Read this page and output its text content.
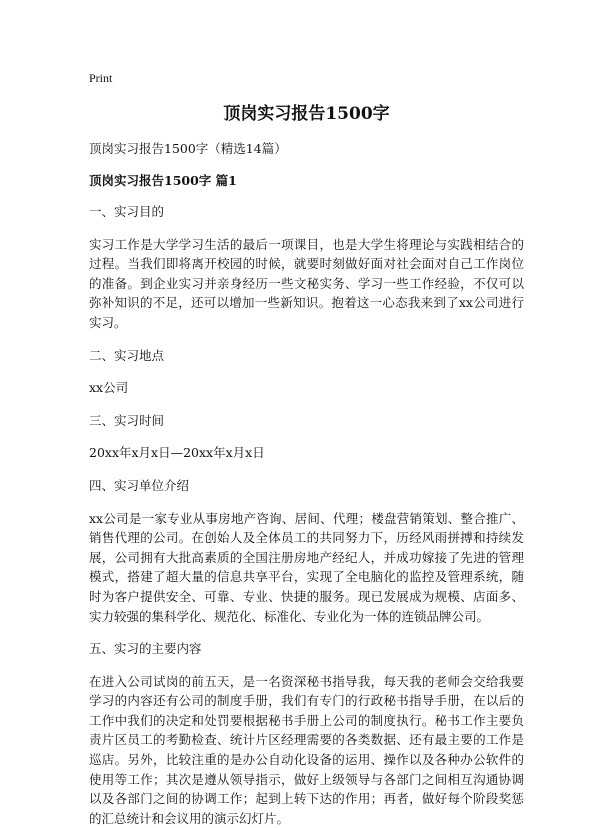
Print
顶岗实习报告1500字
顶岗实习报告1500字（精选14篇）
顶岗实习报告1500字 篇1
一、实习目的
实习工作是大学学习生活的最后一项课目，也是大学生将理论与实践相结合的过程。当我们即将离开校园的时候，就要时刻做好面对社会面对自己工作岗位的准备。到企业实习并亲身经历一些文秘实务、学习一些工作经验，不仅可以弥补知识的不足，还可以增加一些新知识。抱着这一心态我来到了xx公司进行实习。
二、实习地点
xx公司
三、实习时间
20xx年x月x日—20xx年x月x日
四、实习单位介绍
xx公司是一家专业从事房地产咨询、居间、代理；楼盘营销策划、整合推广、销售代理的公司。在创始人及全体员工的共同努力下，历经风雨拼搏和持续发展，公司拥有大批高素质的全国注册房地产经纪人，并成功嫁接了先进的管理模式，搭建了超大量的信息共享平台，实现了全电脑化的监控及管理系统，随时为客户提供安全、可靠、专业、快捷的服务。现已发展成为规模、店面多、实力较强的集科学化、规范化、标准化、专业化为一体的连锁品牌公司。
五、实习的主要内容
在进入公司试岗的前五天，是一名资深秘书指导我，每天我的老师会交给我要学习的内容还有公司的制度手册，我们有专门的行政秘书指导手册，在以后的工作中我们的决定和处罚要根据秘书手册上公司的制度执行。秘书工作主要负责片区员工的考勤检查、统计片区经理需要的各类数据、还有最主要的工作是巡店。另外，比较注重的是办公自动化设备的运用、操作以及各种办公软件的使用等工作；其次是遵从领导指示，做好上级领导与各部门之间相互沟通协调以及各部门之间的协调工作；起到上转下达的作用；再者，做好每个阶段奖惩的汇总统计和会议用的演示幻灯片。
